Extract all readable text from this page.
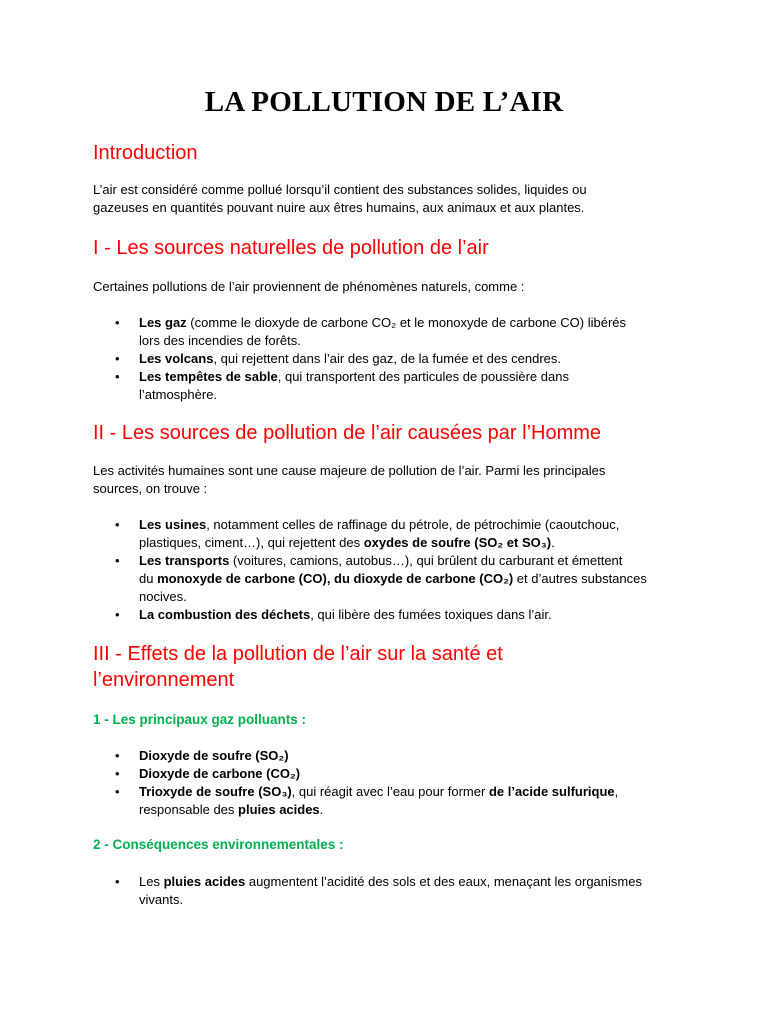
LA POLLUTION DE L’AIR
Introduction

L’air est considéré comme pollué lorsqu’il contient des substances solides, liquides ou
gazeuses en quantités pouvant nuire aux êtres humains, aux animaux et aux plantes.

I - Les sources naturelles de pollution de l’air

Certaines pollutions de l’air proviennent de phénomènes naturels, comme :

• Les gaz (comme le dioxyde de carbone CO₂ et le monoxyde de carbone CO) libérés
lors des incendies de forêts.
• Les volcans, qui rejettent dans l’air des gaz, de la fumée et des cendres.
• Les tempêtes de sable, qui transportent des particules de poussière dans
l’atmosphère.
II - Les sources de pollution de l’air causées par l’Homme

Les activités humaines sont une cause majeure de pollution de l’air. Parmi les principales
sources, on trouve :

• Les usines, notamment celles de raffinage du pétrole, de pétrochimie (caoutchouc,
plastiques, ciment…), qui rejettent des oxydes de soufre (SO₂ et SO₃).
• Les transports (voitures, camions, autobus…), qui brûlent du carburant et émettent
du monoxyde de carbone (CO), du dioxyde de carbone (CO₂) et d’autres substances
nocives.
• La combustion des déchets, qui libère des fumées toxiques dans l’air.
III - Effets de la pollution de l’air sur la santé et
l’environnement
1 - Les principaux gaz polluants :
• Dioxyde de soufre (SO₂)
• Dioxyde de carbone (CO₂)
• Trioxyde de soufre (SO₃), qui réagit avec l’eau pour former de l’acide sulfurique,
responsable des pluies acides.
2 - Conséquences environnementales :
• Les pluies acides augmentent l’acidité des sols et des eaux, menaçant les organismes
vivants.
